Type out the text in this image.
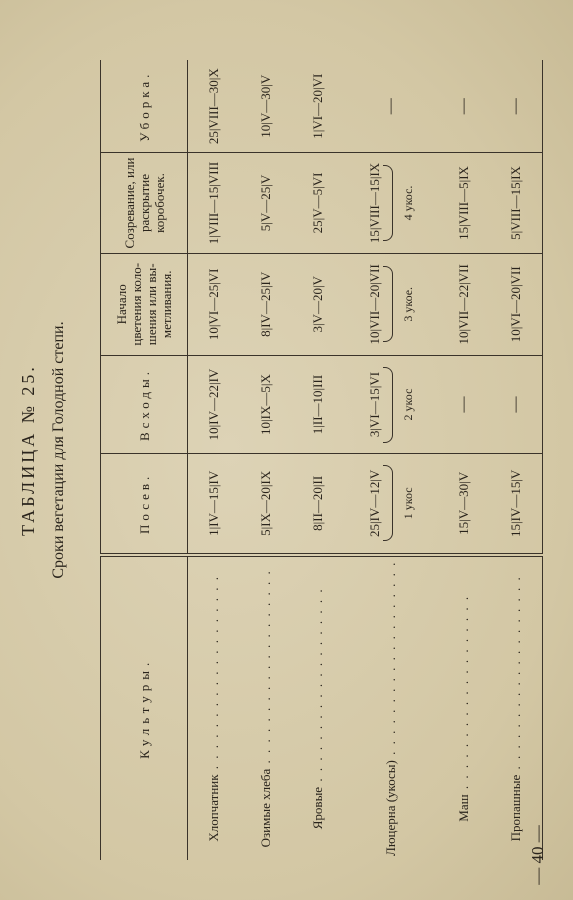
ТАБЛИЦА № 25. Сроки вегетации для Голодной степи.
Культуры.	Посев.	Всходы.	Начало цветения коло-шения или вы-метливания.	Созревание, или раскрытие коробочек.	Уборка.
Хлопчатник . . .	1|IV—15|IV	10|IV—22|IV	10|VI—25|VI	1|VIII—15|VIII	25|VIII—30|X
Озимые хлеба . . .	5|IX—20|IX	10|IX—5|X	8|IV—25|IV	5|V—25|V	10|V—30|V
Яровые . . .	8|II—20|II	1|II—10|III	3|V—20|V	25|V—5|VI	1|VI—20|VI
Люцерна (укосы) . . .	25|IV—12|V 1 укос	3|VI—15|VI 2 укос	10|VII—20|VII 3 укое.	15|VIII—15|IX 4 укос.	—
Маш . . .	15|V—30|V	—	10|VII—22|VII	15|VIII—5|IX	—
Пропашные . . .	15|IV—15|V	—	10|VI—20|VII	5|VIII—15|IX	—
— 40 —
